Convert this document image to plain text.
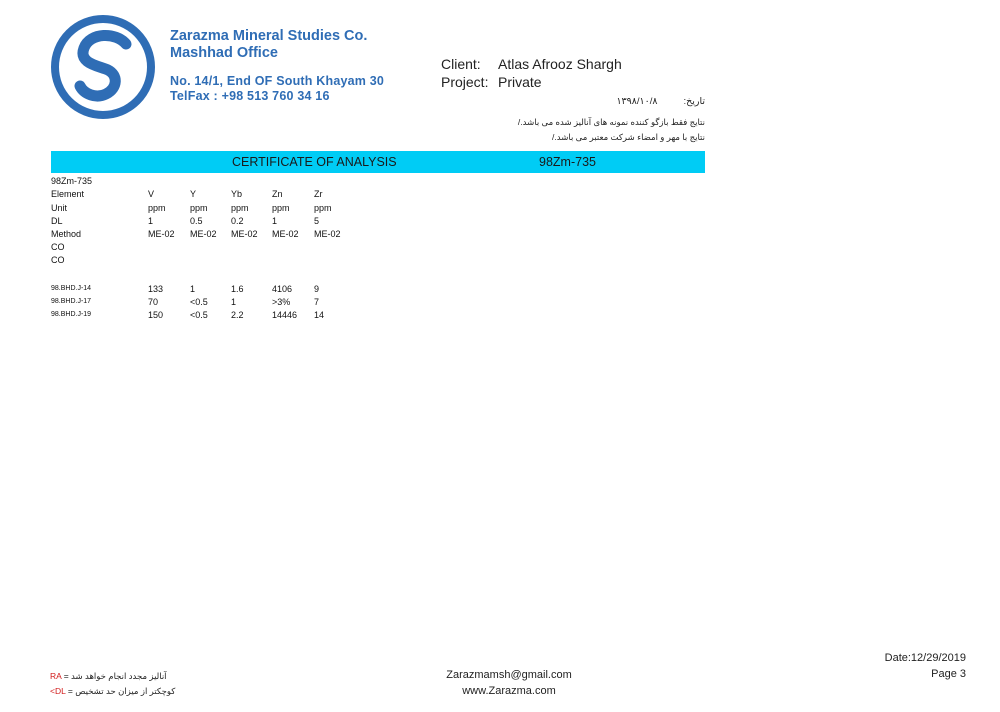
Zarazma Mineral Studies Co.
Mashhad Office
No. 14/1, End OF South Khayam 30
TelFax : +98 513 760 34 16
Client: Atlas Afrooz Shargh
Project: Private
تاریخ:۱۳۹۸/۱۰/۸
نتایج فقط بازگو کننده نمونه های آنالیز شده می باشد./
نتایج با مهر و امضاء شرکت معتبر می باشد./
CERTIFICATE OF ANALYSIS	98Zm-735
98Zm-735
Element	V	Y	Yb	Zn	Zr
Unit	ppm	ppm	ppm	ppm	ppm
DL	1	0.5	0.2	1	5
Method	ME-02 ME-02 ME-02 ME-02 ME-02
CO
CO
98.BHD.J-14	133	1	1.6	4106 9
98.BHD.J-17	70	<0.5	1	>3%	7
98.BHD.J-19	150	<0.5	2.2	14446 14
RA آنالیز مجدد انجام خواهد شد =
<DL کوچکتر از میزان حد تشخیص =
Zarazmamsh@gmail.com
www.Zarazma.com
Date:12/29/2019
Page 3
